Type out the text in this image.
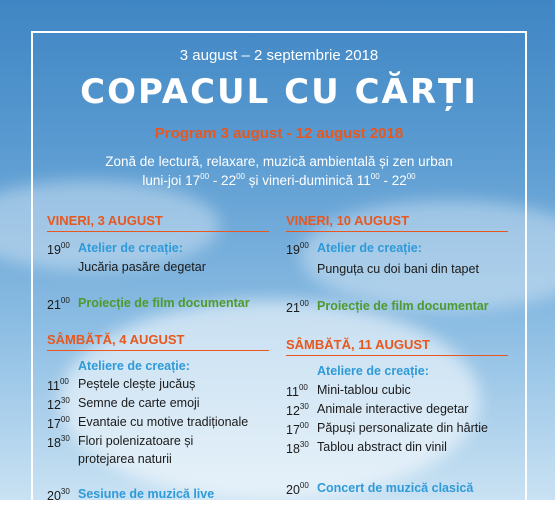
3 august – 2 septembrie 2018
COPACUL CU CĂRȚI
Program 3 august - 12 august 2018
Zonă de lectură, relaxare, muzică ambientală și zen urban
luni-joi $17^{00} - 22^{00}$ și vineri-duminică $11^{00} - 22^{00}$
VINERI, 3 AUGUST
$19^{00}$ Atelier de creație:
Jucăria pasăre degetar
$21^{00}$ Proiecție de film documentar
SÂMBĂTĂ, 4 AUGUST
Ateliere de creație:
$11^{00}$ Peștele clește jucăuș
$12^{30}$ Semne de carte emoji
$17^{00}$ Evantaie cu motive tradiționale
$18^{30}$ Flori polenizatoare și
protejarea naturii
$20^{30}$ Sesiune de muzică live
VINERI, 10 AUGUST
$19^{00}$ Atelier de creație:
Punguța cu doi bani din tapet
$21^{00}$ Proiecție de film documentar
SÂMBĂTĂ, 11 AUGUST
Ateliere de creație:
$11^{00}$ Mini-tablou cubic
$12^{30}$ Animale interactive degetar
$17^{00}$ Păpuși personalizate din hârtie
$18^{30}$ Tablou abstract din vinil
$20^{00}$ Concert de muzică clasică
